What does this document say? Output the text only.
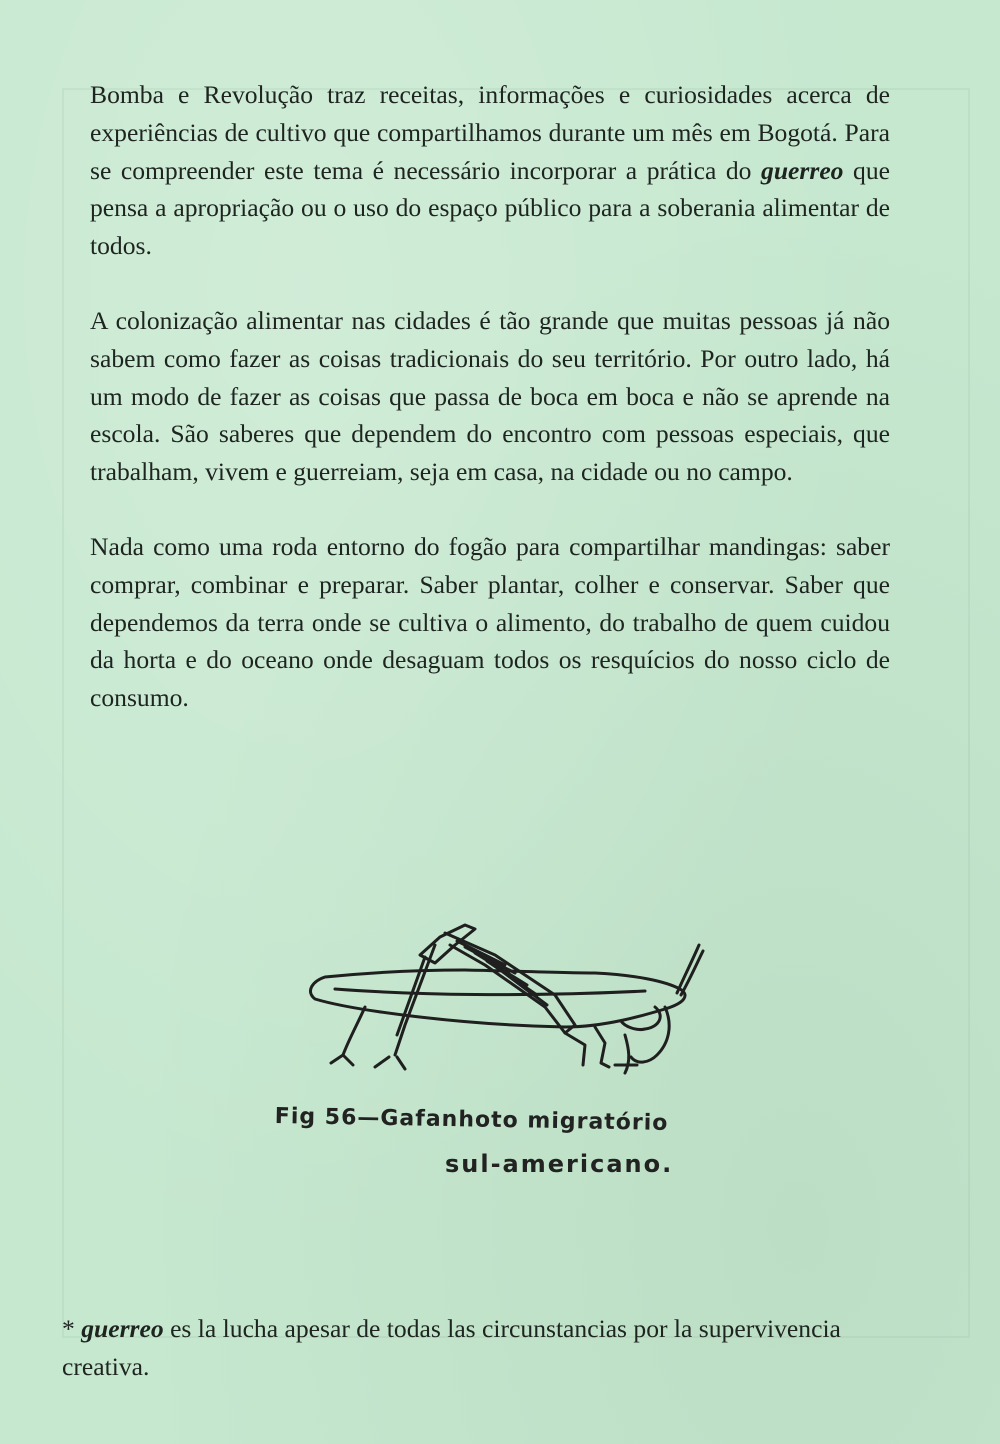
Bomba e Revolução traz receitas, informações e curiosidades acerca de experiências de cultivo que compartilhamos durante um mês em Bogotá. Para se compreender este tema é necessário incorporar a prática do guerreo que pensa a apropriação ou o uso do espaço público para a soberania alimentar de todos.

A colonização alimentar nas cidades é tão grande que muitas pessoas já não sabem como fazer as coisas tradicionais do seu território. Por outro lado, há um modo de fazer as coisas que passa de boca em boca e não se aprende na escola. São saberes que dependem do encontro com pessoas especiais, que trabalham, vivem e guerreiam, seja em casa, na cidade ou no campo.

Nada como uma roda entorno do fogão para compartilhar mandingas: saber comprar, combinar e preparar. Saber plantar, colher e conservar. Saber que dependemos da terra onde se cultiva o alimento, do trabalho de quem cuidou da horta e do oceano onde desaguam todos os resquícios do nosso ciclo de consumo.

Fig 56—Gafanhoto migratório
sul-americano.
* guerreo es la lucha apesar de todas las circunstancias por la supervivencia creativa.
